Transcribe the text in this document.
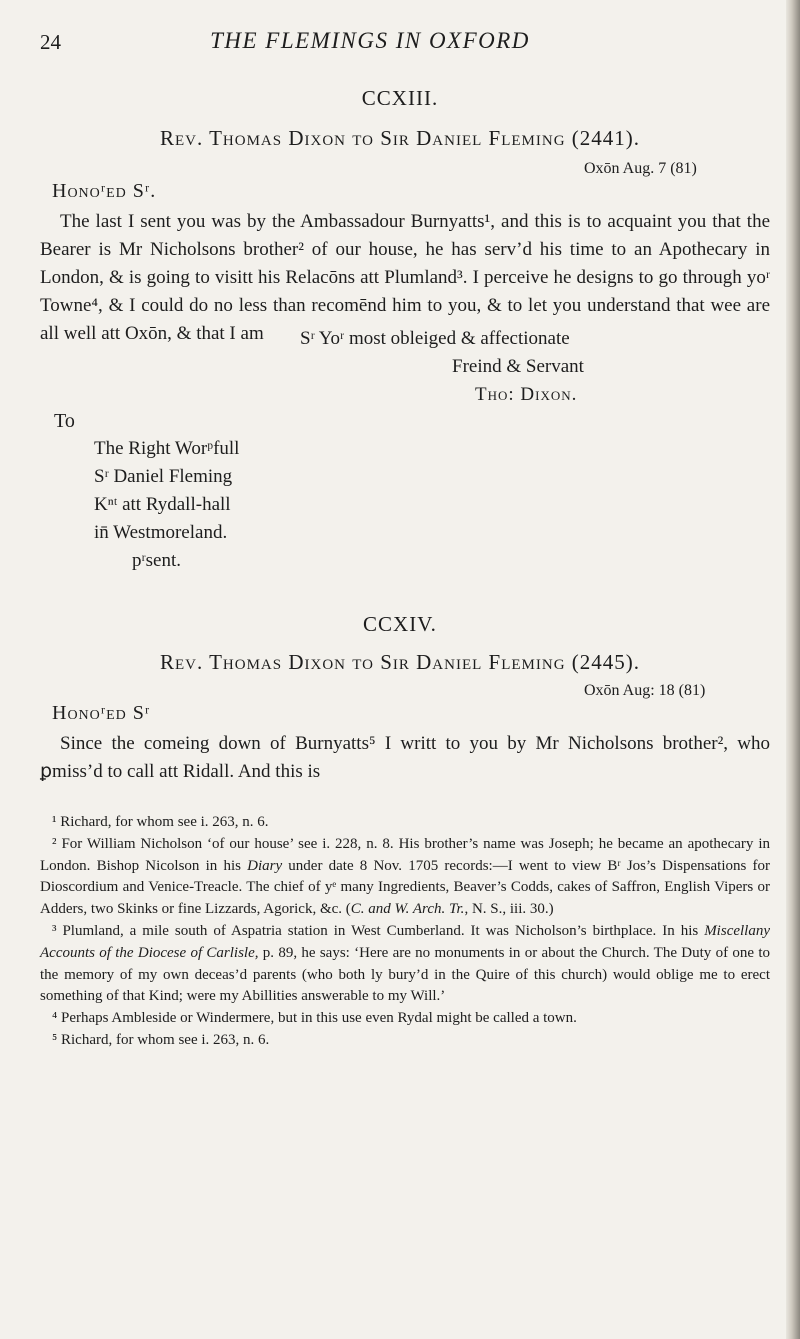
24	THE FLEMINGS IN OXFORD
CCXIII.
Rev. Thomas Dixon to Sir Daniel Fleming (2441).
Oxōn Aug. 7 (81)
Honoʳed Sʳ.

The last I sent you was by the Ambassadour Burnyatts¹, and this is to acquaint you that the Bearer is Mr Nicholsons brother² of our house, he has serv’d his time to an Apothecary in London, & is going to visitt his Relacōns att Plumland³. I perceive he designs to go through yoʳ Towne⁴, & I could do no less than recomēnd him to you, & to let you understand that wee are all well att Oxōn, & that I am	Sʳ Yoʳ most obleiged & affectionate
Freind & Servant
Tho: Dixon.
To
The Right Worᵖfull
Sʳ Daniel Fleming
Kⁿᵗ att Rydall-hall
in̄ Westmoreland.
pʳsent.
CCXIV.
Rev. Thomas Dixon to Sir Daniel Fleming (2445).
Oxōn Aug: 18 (81)
Honoʳed Sʳ

Since the comeing down of Burnyatts⁵ I writt to you by Mr Nicholsons brother², who ꝑmiss’d to call att Ridall. And this is

¹ Richard, for whom see i. 263, n. 6.

² For William Nicholson ‘of our house’ see i. 228, n. 8. His brother’s name was Joseph; he became an apothecary in London. Bishop Nicolson in his Diary under date 8 Nov. 1705 records:—I went to view Bʳ Jos’s Dispensations for Dioscordium and Venice-Treacle. The chief of yᵉ many Ingredients, Beaver’s Codds, cakes of Saffron, English Vipers or Adders, two Skinks or fine Lizzards, Agorick, &c. (C. and W. Arch. Tr., N. S., iii. 30.)

³ Plumland, a mile south of Aspatria station in West Cumberland. It was Nicholson’s birthplace. In his Miscellany Accounts of the Diocese of Carlisle, p. 89, he says: ‘Here are no monuments in or about the Church. The Duty of one to the memory of my own deceas’d parents (who both ly bury’d in the Quire of this church) would oblige me to erect something of that Kind; were my Abillities answerable to my Will.’

⁴ Perhaps Ambleside or Windermere, but in this use even Rydal might be called a town.

⁵ Richard, for whom see i. 263, n. 6.
